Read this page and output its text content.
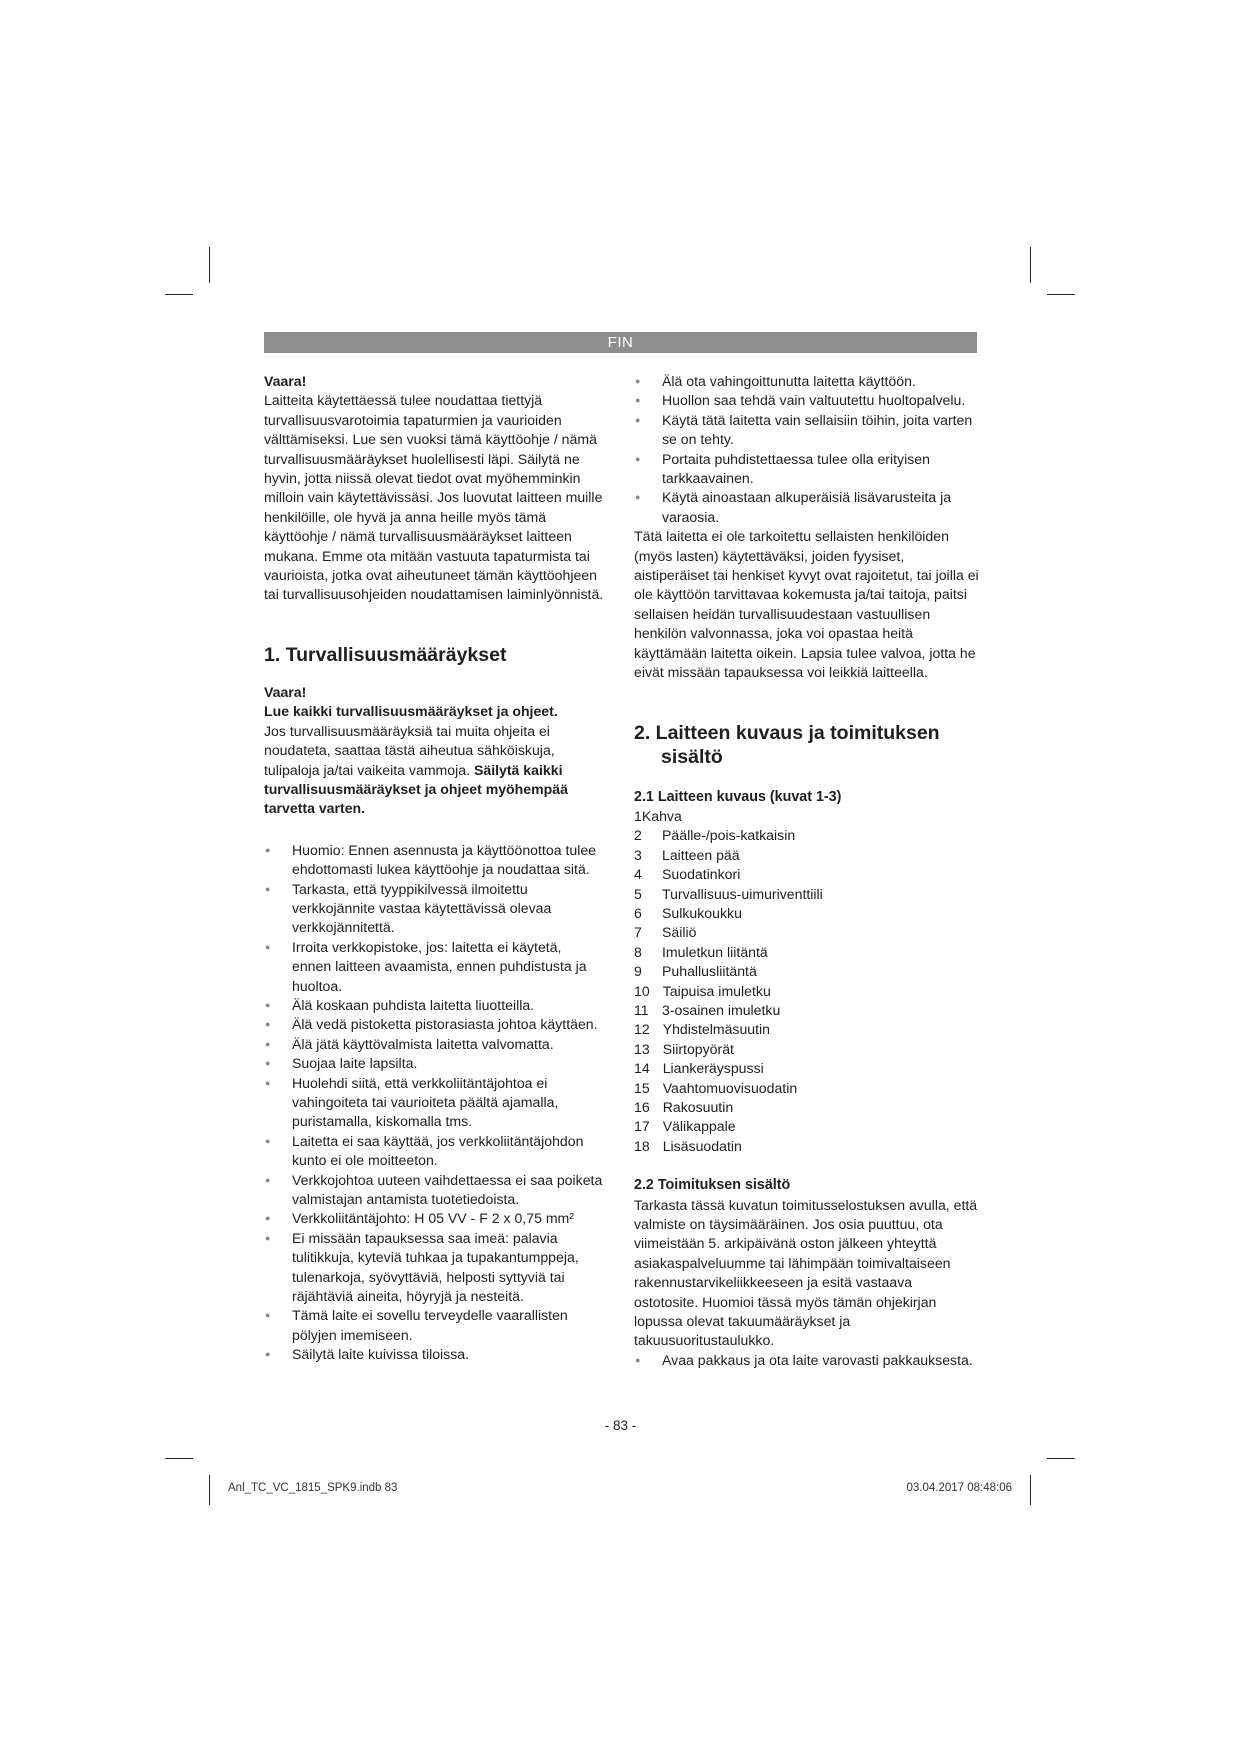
FIN

Vaara!

Laitteita käytettäessä tulee noudattaa tiettyjä turvallisuusvarotoimia tapaturmien ja vaurioiden välttämiseksi. Lue sen vuoksi tämä käyttöohje / nämä turvallisuusmääräykset huolellisesti läpi. Säilytä ne hyvin, jotta niissä olevat tiedot ovat myöhemminkin milloin vain käytettävissäsi. Jos luovutat laitteen muille henkilöille, ole hyvä ja anna heille myös tämä käyttöohje / nämä turvallisuusmääräykset laitteen mukana. Emme ota mitään vastuuta tapaturmista tai vaurioista, jotka ovat aiheutuneet tämän käyttöohjeen tai turvallisuusohjeiden noudattamisen laiminlyönnistä.

1. Turvallisuusmääräykset

Vaara!

Lue kaikki turvallisuusmääräykset ja ohjeet.

Jos turvallisuusmääräyksiä tai muita ohjeita ei noudateta, saattaa tästä aiheutua sähköiskuja, tulipaloja ja/tai vaikeita vammoja. Säilytä kaikki turvallisuusmääräykset ja ohjeet myöhempää tarvetta varten.

● Huomio: Ennen asennusta ja käyttöönottoa tulee ehdottomasti lukea käyttöohje ja noudattaa sitä.
● Tarkasta, että tyyppikilvessä ilmoitettu verkkojännite vastaa käytettävissä olevaa verkkojännitettä.
● Irroita verkkopistoke, jos: laitetta ei käytetä, ennen laitteen avaamista, ennen puhdistusta ja huoltoa.
● Älä koskaan puhdista laitetta liuotteilla.
● Älä vedä pistoketta pistorasiasta johtoa käyttäen.
● Älä jätä käyttövalmista laitetta valvomatta.
● Suojaa laite lapsilta.
● Huolehdi siitä, että verkkoliitäntäjohtoa ei vahingoiteta tai vaurioiteta päältä ajamalla, puristamalla, kiskomalla tms.
● Laitetta ei saa käyttää, jos verkkoliitäntäjohdon kunto ei ole moitteeton.
● Verkkojohtoa uuteen vaihdettaessa ei saa poiketa valmistajan antamista tuotetiedoista.
● Verkkoliitäntäjohto: H 05 VV - F 2 x 0,75 mm²
● Ei missään tapauksessa saa imeä: palavia tulitikkuja, kyteviä tuhkaa ja tupakantumppeja, tulenarkoja, syövyttäviä, helposti syttyviä tai räjähtäviä aineita, höyryjä ja nesteitä.
● Tämä laite ei sovellu terveydelle vaarallisten pölyjen imemiseen.
● Säilytä laite kuivissa tiloissa.
● Älä ota vahingoittunutta laitetta käyttöön.
● Huollon saa tehdä vain valtuutettu huoltopalvelu.
● Käytä tätä laitetta vain sellaisiin töihin, joita varten se on tehty.
● Portaita puhdistettaessa tulee olla erityisen tarkkaavainen.
● Käytä ainoastaan alkuperäisiä lisävarusteita ja varaosia.

Tätä laitetta ei ole tarkoitettu sellaisten henkilöiden (myös lasten) käytettäväksi, joiden fyysiset, aistiperäiset tai henkiset kyvyt ovat rajoitetut, tai joilla ei ole käyttöön tarvittavaa kokemusta ja/tai taitoja, paitsi sellaisen heidän turvallisuudestaan vastuullisen henkilön valvonnassa, joka voi opastaa heitä käyttämään laitetta oikein. Lapsia tulee valvoa, jotta he eivät missään tapauksessa voi leikkiä laitteella.

2. Laitteen kuvaus ja toimituksen
sisältö

2.1 Laitteen kuvaus (kuvat 1-3)

1Kahva

2	Päälle-/pois-katkaisin
3	Laitteen pää
4	Suodatinkori
5	Turvallisuus-uimuriventtiili
6	Sulkukoukku
7	Säiliö
8	Imuletkun liitäntä
9	Puhallusliitäntä
10 Taipuisa imuletku
11 3-osainen imuletku
12 Yhdistelmäsuutin
13 Siirtopyörät
14 Liankeräyspussi
15 Vaahtomuovisuodatin
16 Rakosuutin
17 Välikappale
18 Lisäsuodatin

2.2 Toimituksen sisältö

Tarkasta tässä kuvatun toimitusselostuksen avulla, että valmiste on täysimääräinen. Jos osia puuttuu, ota viimeistään 5. arkipäivänä oston jälkeen yhteyttä asiakaspalveluumme tai lähimpään toimivaltaiseen rakennustarvikeliikkeeseen ja esitä vastaava ostotosite. Huomioi tässä myös tämän ohjekirjan lopussa olevat takuumääräykset ja takuusuoritustaulukko.

● Avaa pakkaus ja ota laite varovasti pakkauksesta.
- 83 -
Anl_TC_VC_1815_SPK9.indb 83	03.04.2017 08:48:06
